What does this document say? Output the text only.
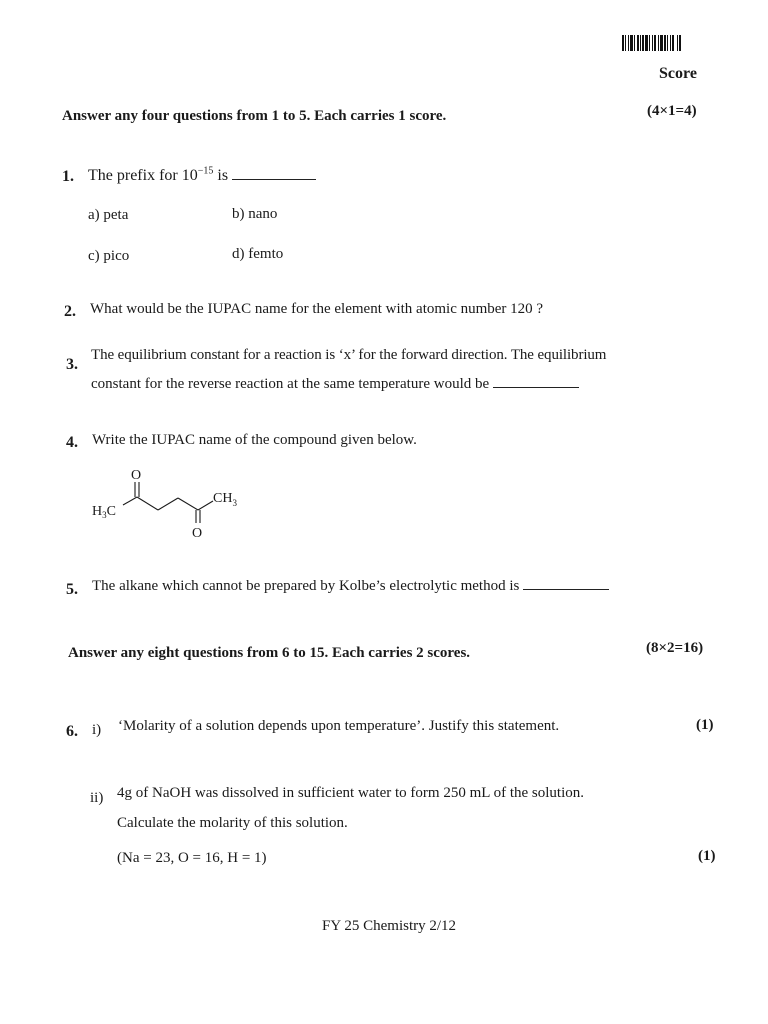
Score
Answer any four questions from 1 to 5. Each carries 1 score.	(4×1=4)
1. The prefix for $10^{-15}$ is
a) peta	b) nano
c) pico	d) femto
2. What would be the IUPAC name for the element with atomic number 120 ?
3.
The equilibrium constant for a reaction is ‘x’ for the forward direction. The equilibrium
constant for the reverse reaction at the same temperature would be
4. Write the IUPAC name of the compound given below.
O
O
$H_3C$
$CH_3$
5. The alkane which cannot be prepared by Kolbe’s electrolytic method is
Answer any eight questions from 6 to 15. Each carries 2 scores.	(8×2=16)
6. i) ‘Molarity of a solution depends upon temperature’. Justify this statement.	(1)
ii) 4g of NaOH was dissolved in sufficient water to form 250 mL of the solution.
Calculate the molarity of this solution.
(Na = 23, O = 16, H = 1)	(1)
FY 25 Chemistry 2/12
